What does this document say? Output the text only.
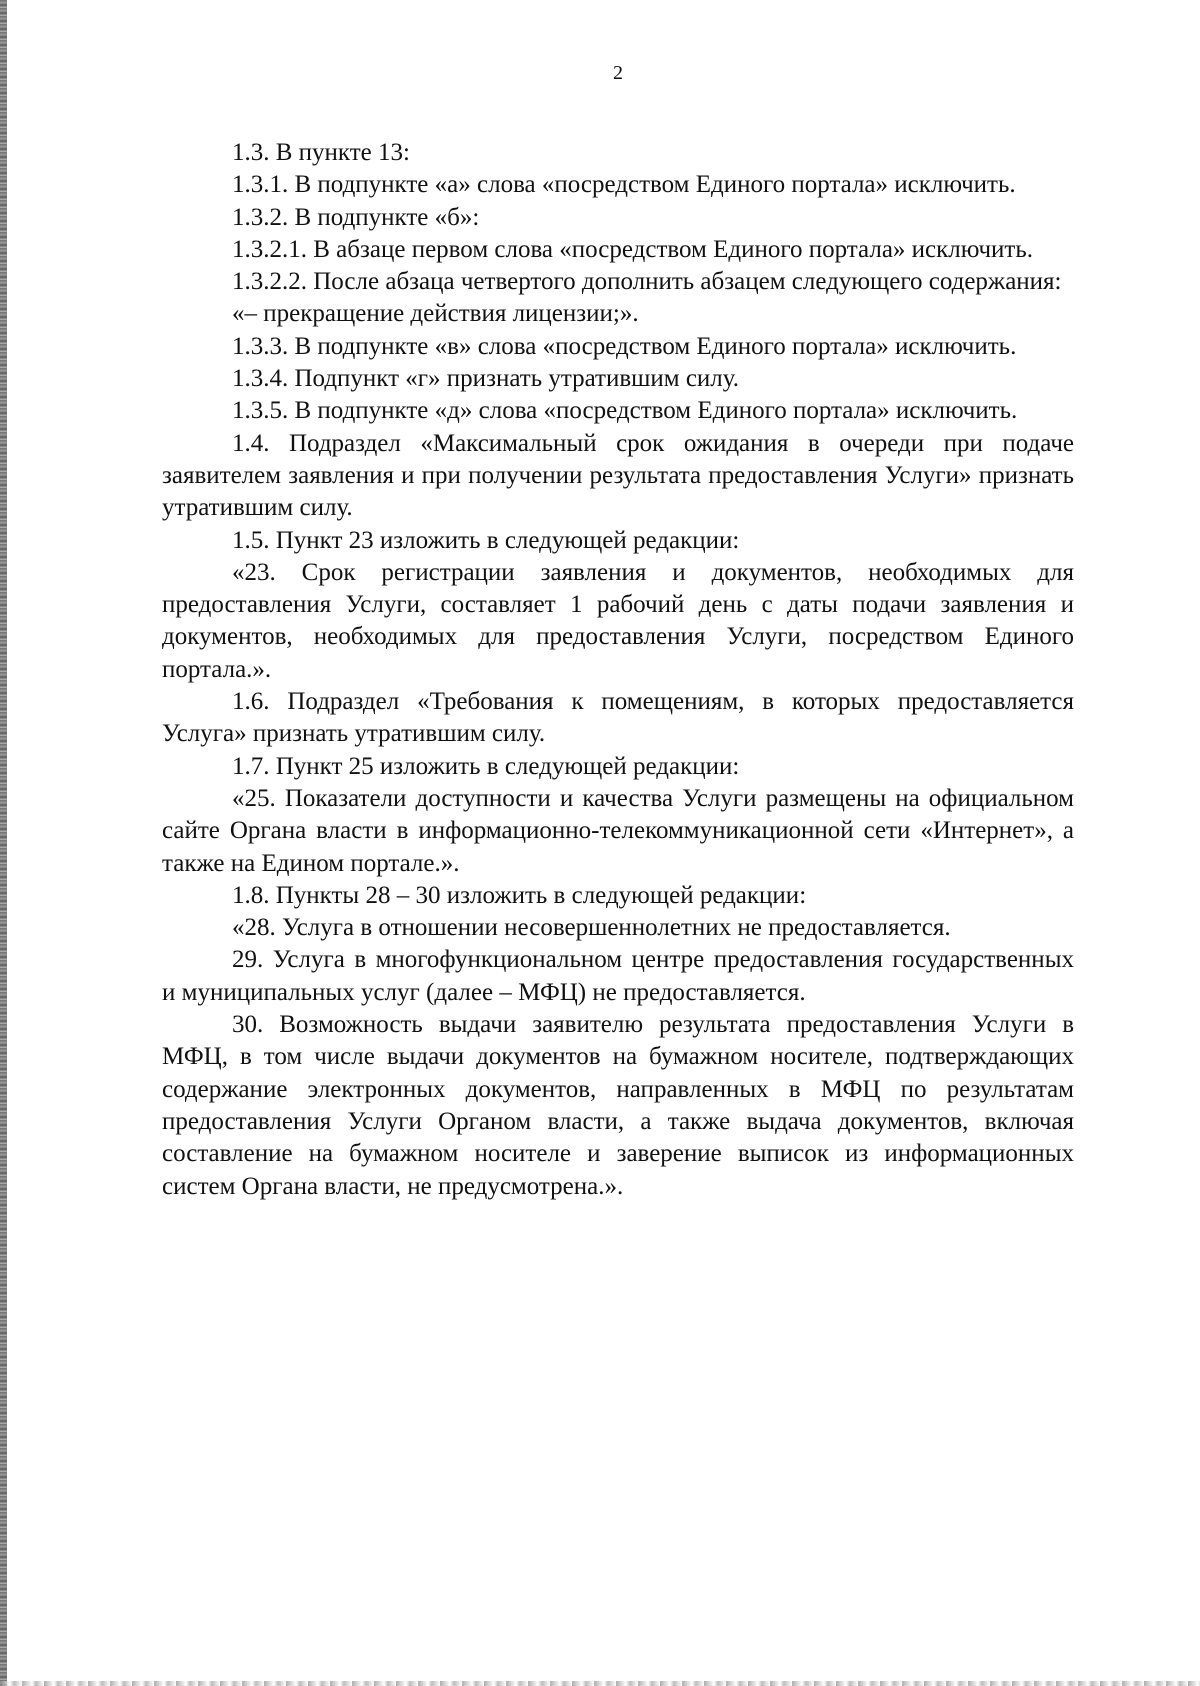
2

1.3. В пункте 13:

1.3.1. В подпункте «а» слова «посредством Единого портала» исключить.

1.3.2. В подпункте «б»:

1.3.2.1. В абзаце первом слова «посредством Единого портала» исключить.

1.3.2.2. После абзаца четвертого дополнить абзацем следующего содержания:

«– прекращение действия лицензии;».

1.3.3. В подпункте «в» слова «посредством Единого портала» исключить.

1.3.4. Подпункт «г» признать утратившим силу.

1.3.5. В подпункте «д» слова «посредством Единого портала» исключить.

1.4. Подраздел «Максимальный срок ожидания в очереди при подаче заявителем заявления и при получении результата предоставления Услуги» признать утратившим силу.

1.5. Пункт 23 изложить в следующей редакции:

«23. Срок регистрации заявления и документов, необходимых для предоставления Услуги, составляет 1 рабочий день с даты подачи заявления и документов, необходимых для предоставления Услуги, посредством Единого портала.».

1.6. Подраздел «Требования к помещениям, в которых предоставляется Услуга» признать утратившим силу.

1.7. Пункт 25 изложить в следующей редакции:

«25. Показатели доступности и качества Услуги размещены на официальном сайте Органа власти в информационно-телекоммуникационной сети «Интернет», а также на Едином портале.».

1.8. Пункты 28 – 30 изложить в следующей редакции:

«28. Услуга в отношении несовершеннолетних не предоставляется.

29. Услуга в многофункциональном центре предоставления государственных и муниципальных услуг (далее – МФЦ) не предоставляется.

30. Возможность выдачи заявителю результата предоставления Услуги в МФЦ, в том числе выдачи документов на бумажном носителе, подтверждающих содержание электронных документов, направленных в МФЦ по результатам предоставления Услуги Органом власти, а также выдача документов, включая составление на бумажном носителе и заверение выписок из информационных систем Органа власти, не предусмотрена.».
